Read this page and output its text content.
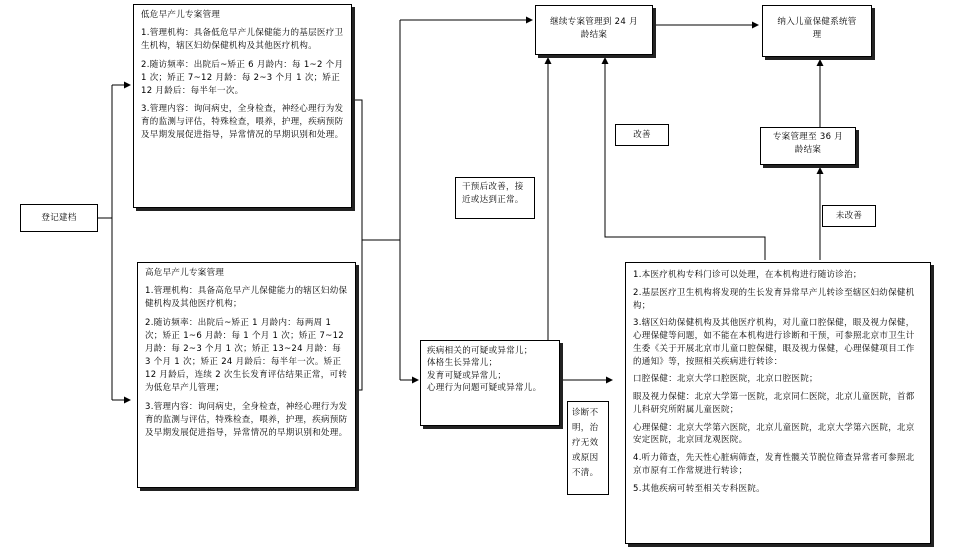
登记建档
低危早产儿专案管理
1.管理机构：具备低危早产儿保健能力的基层医疗卫生机构，辖区妇幼保健机构及其他医疗机构。
2.随访频率：出院后~矫正 6 月龄内：每 1~2 个月 1 次；矫正 7~12 月龄：每 2~3 个月 1 次；矫正 12 月龄后：每半年一次。
3.管理内容：询问病史，全身检查，神经心理行为发育的监测与评估，特殊检查，喂养，护理，疾病预防及早期发展促进指导，异常情况的早期识别和处理。
高危早产儿专案管理
1.管理机构：具备高危早产儿保健能力的辖区妇幼保健机构及其他医疗机构；
2.随访频率：出院后~矫正 1 月龄内：每两周 1 次；矫正 1~6 月龄：每 1 个月 1 次；矫正 7~12 月龄：每 2~3 个月 1 次；矫正 13~24 月龄：每 3 个月 1 次；矫正 24 月龄后：每半年一次。矫正 12 月龄后，连续 2 次生长发育评估结果正常，可转为低危早产儿管理；
3.管理内容：询问病史，全身检查，神经心理行为发育的监测与评估，特殊检查，喂养，护理，疾病预防及早期发展促进指导，异常情况的早期识别和处理。
继续专案管理到 24 月龄结案
纳入儿童保健系统管理
改善	专案管理至 36 月龄结案
未改善
干预后改善，接近或达到正常。
疾病相关的可疑或异常儿；
体格生长异常儿；
发育可疑或异常儿；
心理行为问题可疑或异常儿。
诊断不明，治疗无效或原因不清。
1.本医疗机构专科门诊可以处理，在本机构进行随访诊治；
2.基层医疗卫生机构将发现的生长发育异常早产儿转诊至辖区妇幼保健机构；
3.辖区妇幼保健机构及其他医疗机构，对儿童口腔保健，眼及视力保健，心理保健等问题，如不能在本机构进行诊断和干预，可参照北京市卫生计生委《关于开展北京市儿童口腔保健，眼及视力保健，心理保健项目工作的通知》等，按照相关疾病进行转诊：
口腔保健：北京大学口腔医院，北京口腔医院；
眼及视力保健：北京大学第一医院，北京同仁医院，北京儿童医院，首都儿科研究所附属儿童医院；
心理保健：北京大学第六医院，北京儿童医院，北京大学第六医院，北京安定医院，北京回龙观医院。
4.听力筛查，先天性心脏病筛查，发育性髋关节脱位筛查异常者可参照北京市原有工作常规进行转诊；
5.其他疾病可转至相关专科医院。
